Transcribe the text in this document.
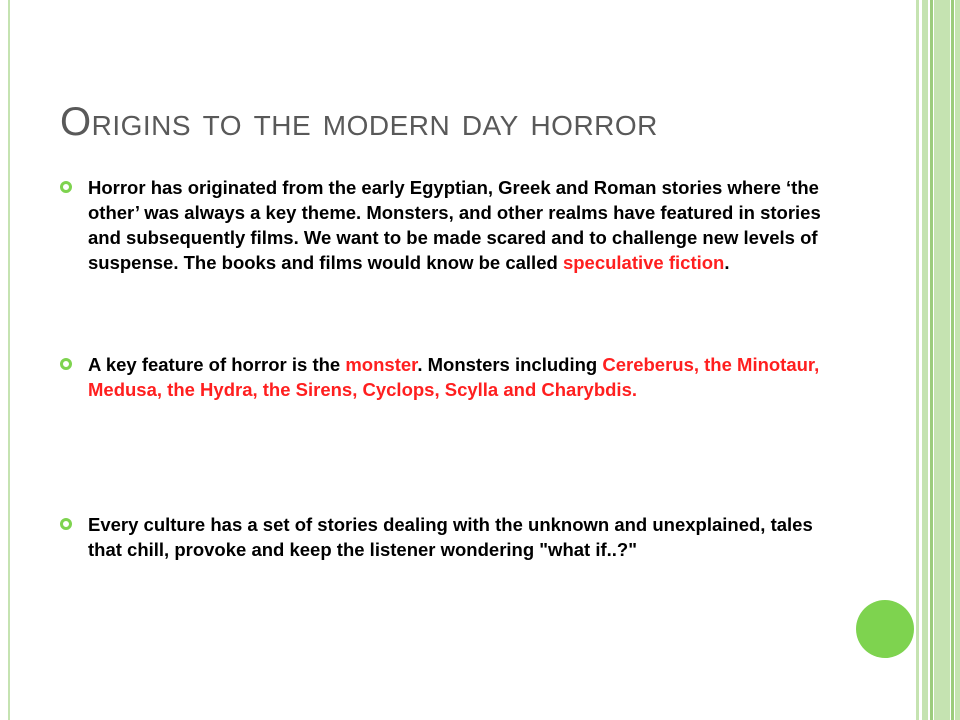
Origins to the modern day horror
Horror has originated from the early Egyptian, Greek and Roman stories where ‘the other’ was always a key theme. Monsters, and other realms have featured in stories and subsequently films. We want to be made scared and to challenge new levels of suspense. The books and films would know be called speculative fiction.
A key feature of horror is the monster. Monsters including Cereberus, the Minotaur, Medusa, the Hydra, the Sirens, Cyclops, Scylla and Charybdis.
Every culture has a set of stories dealing with the unknown and unexplained, tales that chill, provoke and keep the listener wondering "what if..?"
